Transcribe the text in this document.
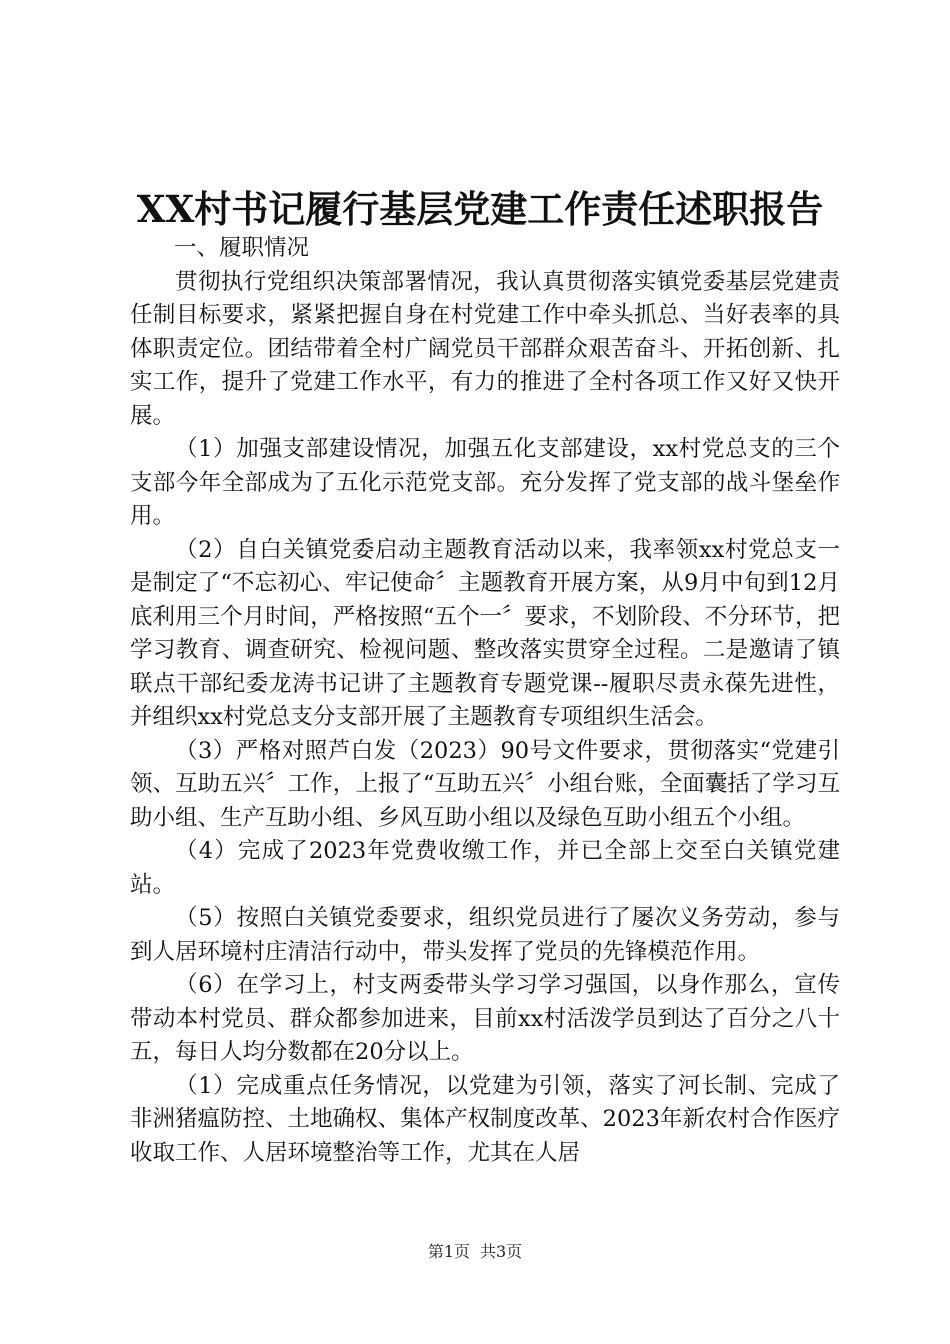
XX村书记履行基层党建工作责任述职报告

一、履职情况

贯彻执行党组织决策部署情况，我认真贯彻落实镇党委基层党建责任制目标要求，紧紧把握自身在村党建工作中牵头抓总、当好表率的具体职责定位。团结带着全村广阔党员干部群众艰苦奋斗、开拓创新、扎实工作，提升了党建工作水平，有力的推进了全村各项工作又好又快开展。

（1）加强支部建设情况，加强五化支部建设，xx村党总支的三个支部今年全部成为了五化示范党支部。充分发挥了党支部的战斗堡垒作用。

（2）自白关镇党委启动主题教育活动以来，我率领xx村党总支一是制定了“不忘初心、牢记使命〞主题教育开展方案，从9月中旬到12月底利用三个月时间，严格按照“五个一〞要求，不划阶段、不分环节，把学习教育、调查研究、检视问题、整改落实贯穿全过程。二是邀请了镇联点干部纪委龙涛书记讲了主题教育专题党课--履职尽责永葆先进性，并组织xx村党总支分支部开展了主题教育专项组织生活会。

（3）严格对照芦白发（2023）90号文件要求，贯彻落实“党建引领、互助五兴〞工作，上报了“互助五兴〞小组台账，全面囊括了学习互助小组、生产互助小组、乡风互助小组以及绿色互助小组五个小组。

（4）完成了2023年党费收缴工作，并已全部上交至白关镇党建站。

（5）按照白关镇党委要求，组织党员进行了屡次义务劳动，参与到人居环境村庄清洁行动中，带头发挥了党员的先锋模范作用。

（6）在学习上，村支两委带头学习学习强国，以身作那么，宣传带动本村党员、群众都参加进来，目前xx村活泼学员到达了百分之八十五，每日人均分数都在20分以上。

（1）完成重点任务情况，以党建为引领，落实了河长制、完成了非洲猪瘟防控、土地确权、集体产权制度改革、2023年新农村合作医疗收取工作、人居环境整治等工作，尤其在人居

第1页 共3页
